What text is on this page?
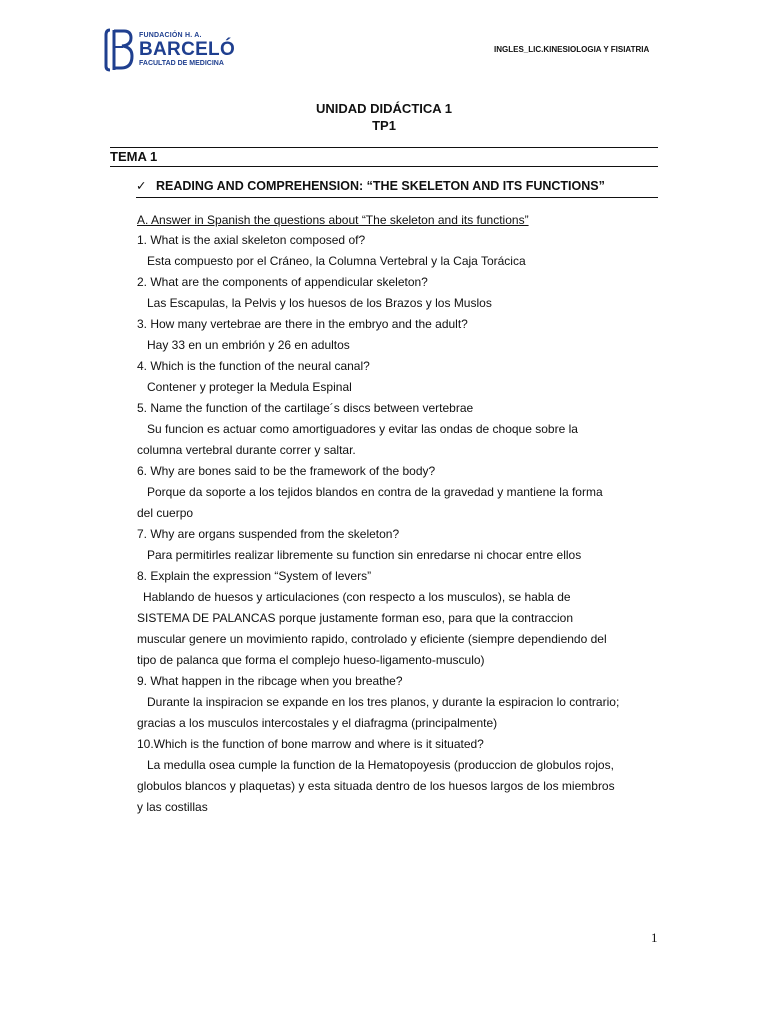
FUNDACIÓN H. A.
BARCELÓ
FACULTAD DE MEDICINA
INGLES_LIC.KINESIOLOGIA Y FISIATRIA
UNIDAD DIDÁCTICA 1
TP1
TEMA 1
✓ READING AND COMPREHENSION: “THE SKELETON AND ITS FUNCTIONS”
A. Answer in Spanish the questions about “The skeleton and its functions”
1. What is the axial skeleton composed of?
Esta compuesto por el Cráneo, la Columna Vertebral y la Caja Torácica
2. What are the components of appendicular skeleton?
Las Escapulas, la Pelvis y los huesos de los Brazos y los Muslos
3. How many vertebrae are there in the embryo and the adult?
Hay 33 en un embrión y 26 en adultos
4. Which is the function of the neural canal?
Contener y proteger la Medula Espinal
5. Name the function of the cartilage´s discs between vertebrae
Su funcion es actuar como amortiguadores y evitar las ondas de choque sobre la
columna vertebral durante correr y saltar.
6. Why are bones said to be the framework of the body?
Porque da soporte a los tejidos blandos en contra de la gravedad y mantiene la forma
del cuerpo
7. Why are organs suspended from the skeleton?
Para permitirles realizar libremente su function sin enredarse ni chocar entre ellos
8. Explain the expression “System of levers”
Hablando de huesos y articulaciones (con respecto a los musculos), se habla de
SISTEMA DE PALANCAS porque justamente forman eso, para que la contraccion
muscular genere un movimiento rapido, controlado y eficiente (siempre dependiendo del
tipo de palanca que forma el complejo hueso-ligamento-musculo)
9. What happen in the ribcage when you breathe?
Durante la inspiracion se expande en los tres planos, y durante la espiracion lo contrario;
gracias a los musculos intercostales y el diafragma (principalmente)
10.Which is the function of bone marrow and where is it situated?
La medulla osea cumple la function de la Hematopoyesis (produccion de globulos rojos,
globulos blancos y plaquetas) y esta situada dentro de los huesos largos de los miembros
y las costillas
1
